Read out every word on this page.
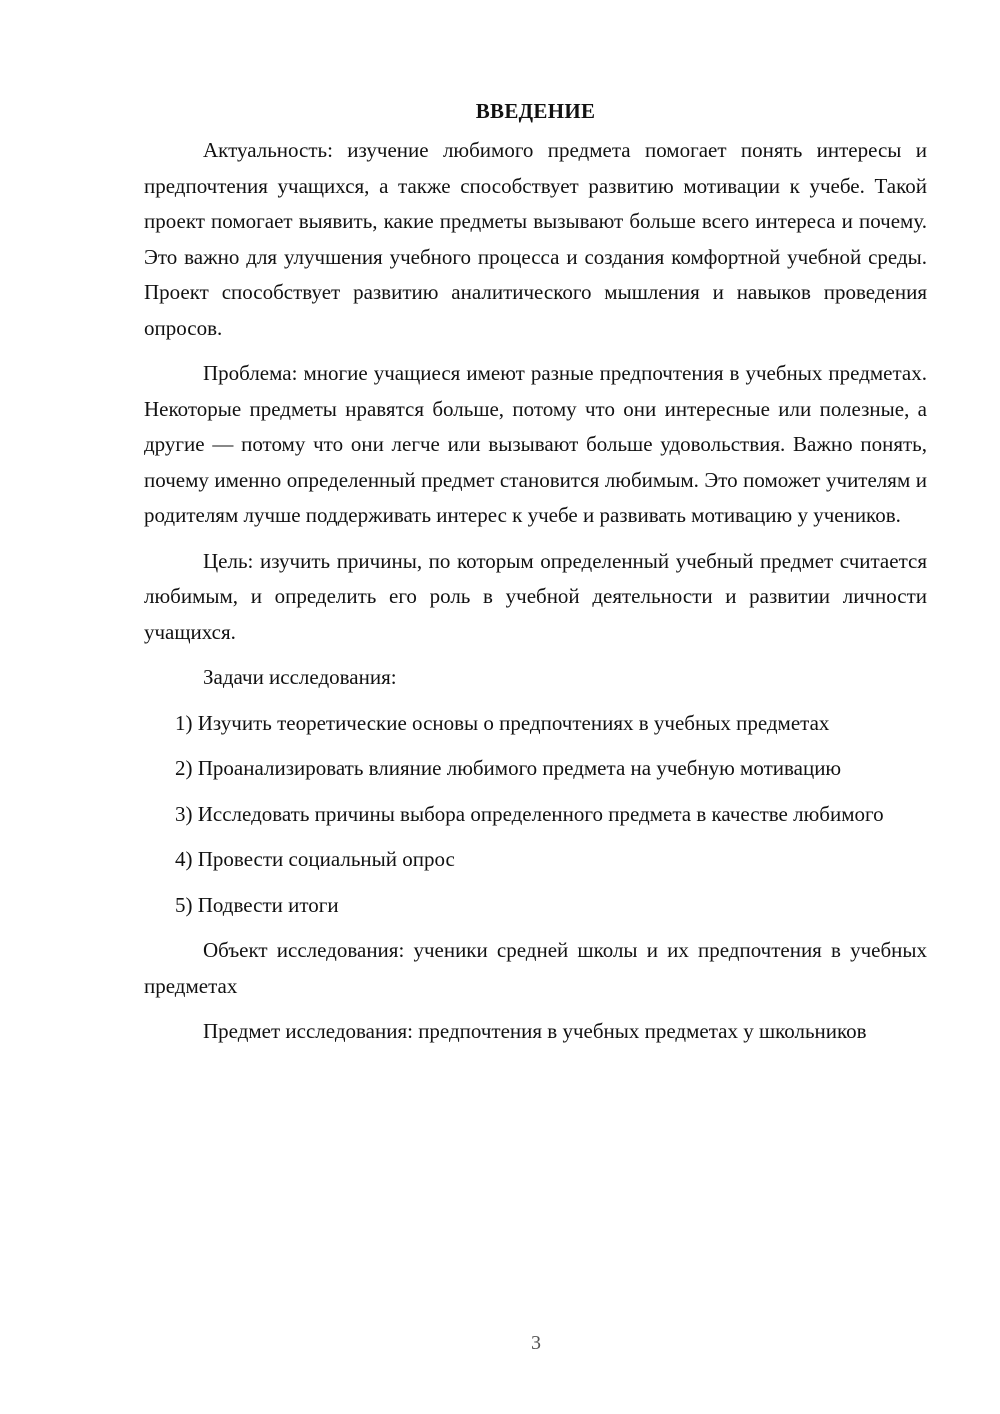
ВВЕДЕНИЕ

Актуальность: изучение любимого предмета помогает понять интересы и предпочтения учащихся, а также способствует развитию мотивации к учебе. Такой проект помогает выявить, какие предметы вызывают больше всего интереса и почему. Это важно для улучшения учебного процесса и создания комфортной учебной среды. Проект способствует развитию аналитического мышления и навыков проведения опросов.

Проблема: многие учащиеся имеют разные предпочтения в учебных предметах. Некоторые предметы нравятся больше, потому что они интересные или полезные, а другие — потому что они легче или вызывают больше удовольствия. Важно понять, почему именно определенный предмет становится любимым. Это поможет учителям и родителям лучше поддерживать интерес к учебе и развивать мотивацию у учеников.

Цель: изучить причины, по которым определенный учебный предмет считается любимым, и определить его роль в учебной деятельности и развитии личности учащихся.

Задачи исследования:

1) Изучить теоретические основы о предпочтениях в учебных предметах

2) Проанализировать влияние любимого предмета на учебную мотивацию

3) Исследовать причины выбора определенного предмета в качестве любимого

4) Провести социальный опрос

5) Подвести итоги

Объект исследования: ученики средней школы и их предпочтения в учебных предметах

Предмет исследования: предпочтения в учебных предметах у школьников

3
